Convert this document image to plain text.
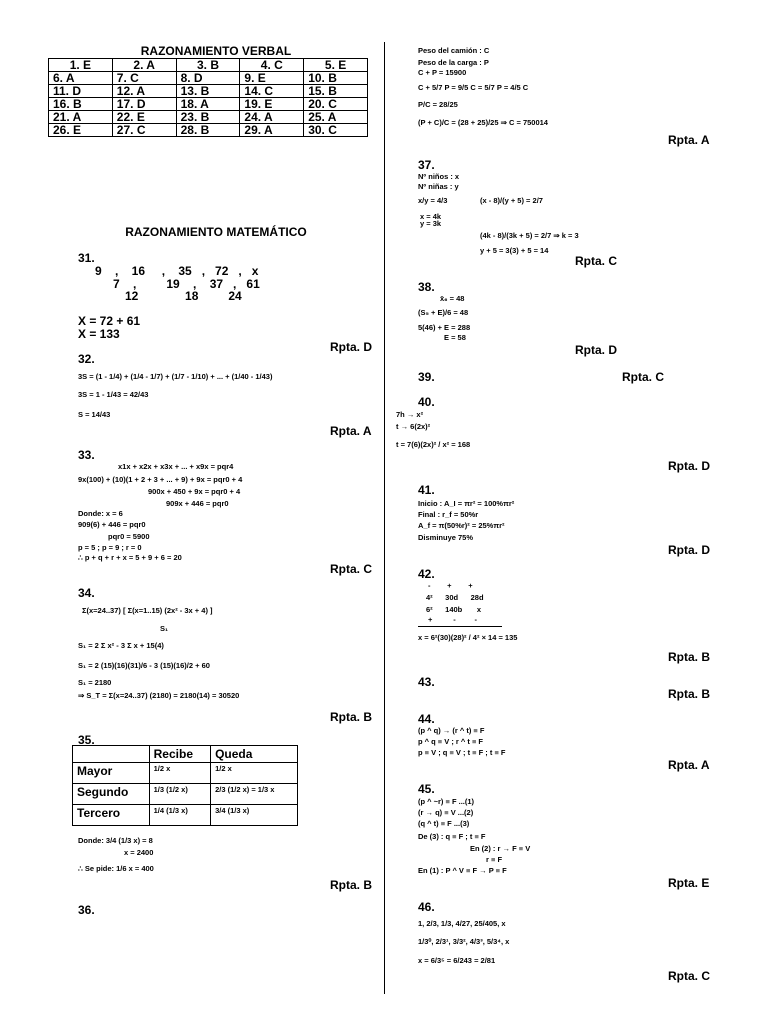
RAZONAMIENTO VERBAL
1. E	2. A	3. B	4. C	5. E
6. A	7. C	8. D	9. E	10. B
11. D	12. A	13. B	14. C	15. B
16. B	17. D	18. A	19. E	20. C
21. A	22. E	23. B	24. A	25. A
26. E	27. C	28. B	29. A	30. C
RAZONAMIENTO MATEMÁTICO
31.
9    ,    16     ,    35   ,   72   ,   x
7    ,         19    ,    37   ,   61
12              18         24
X = 72 + 61
X = 133
Rpta. D
32.
3S = (1 - 1/4) + (1/4 - 1/7) + (1/7 - 1/10) + ... + (1/40 - 1/43)
3S = 1 - 1/43 = 42/43
S = 14/43
Rpta. A
33.
x1x + x2x + x3x + ... + x9x = pqr4
9x(100) + (10)(1 + 2 + 3 + ... + 9) + 9x = pqr0 + 4
900x + 450 + 9x = pqr0 + 4
909x + 446 = pqr0
Donde: x = 6
909(6) + 446 = pqr0
pqr0 = 5900
p = 5 ; p = 9 ; r = 0
∴ p + q + r + x = 5 + 9 + 6 = 20
Rpta. C
34.
Σ(x=24..37) [ Σ(x=1..15) (2x² - 3x + 4) ]
S₁
S₁ = 2 Σ x² - 3 Σ x + 15(4)
S₁ = 2 (15)(16)(31)/6 - 3 (15)(16)/2 + 60
S₁ = 2180
⇒ S_T = Σ(x=24..37) (2180) = 2180(14) = 30520
Rpta. B
35.
	Recibe	Queda
Mayor	1/2 x	1/2 x
Segundo	1/3 (1/2 x)	2/3 (1/2 x) = 1/3 x
Tercero	1/4 (1/3 x)	3/4 (1/3 x)
Donde: 3/4 (1/3 x) = 8
x = 2400
∴ Se pide: 1/6 x = 400
Rpta. B
36.
Peso del camión : C
Peso de la carga : P
C + P = 15900
C + 5/7 P = 9/5 C = 5/7 P = 4/5 C
P/C = 28/25
(P + C)/C = (28 + 25)/25 ⇒ C = 750014
Rpta. A
37.
Nº niños : x
Nº niñas : y
x/y = 4/3	(x - 8)/(y + 5) = 2/7
x = 4k
y = 3k
(4k - 8)/(3k + 5) = 2/7 ⇒ k = 3
y + 5 = 3(3) + 5 = 14
Rpta. C
38.
x̄₆ = 48
(S₅ + E)/6 = 48
5(46) + E = 288
E = 58
Rpta. D
39.	Rpta. C
40.
7h → x²
t → 6(2x)²
t = 7(6)(2x)² / x² = 168
Rpta. D
41.
Inicio : A_I = πr² = 100%πr²
Final : r_f = 50%r
A_f = π(50%r)² = 25%πr²
Disminuye 75%
Rpta. D
42.
-        +        +
4²      30d      28d
6²      140b       x
+          -         -
x = 6²(30)(28)² / 4² × 14 = 135
Rpta. B
43.
Rpta. B
44.
(p ^ q) → (r ^ t) ≡ F
p ^ q ≡ V ; r ^ t ≡ F
p ≡ V ; q ≡ V ; t ≡ F ; t ≡ F
Rpta. A
45.
(p ^ ~r) ≡ F ...(1)
(r → q) ≡ V ...(2)
(q ^ t) ≡ F ...(3)
De (3) : q ≡ F ; t ≡ F
En (2) : r → F ≡ V
r ≡ F
En (1) : P ^ V ≡ F → P ≡ F
Rpta. E
46.
1, 2/3, 1/3, 4/27, 25/405, x
1/3⁰, 2/3¹, 3/3², 4/3³, 5/3⁴, x
x = 6/3⁵ = 6/243 = 2/81
Rpta. C
